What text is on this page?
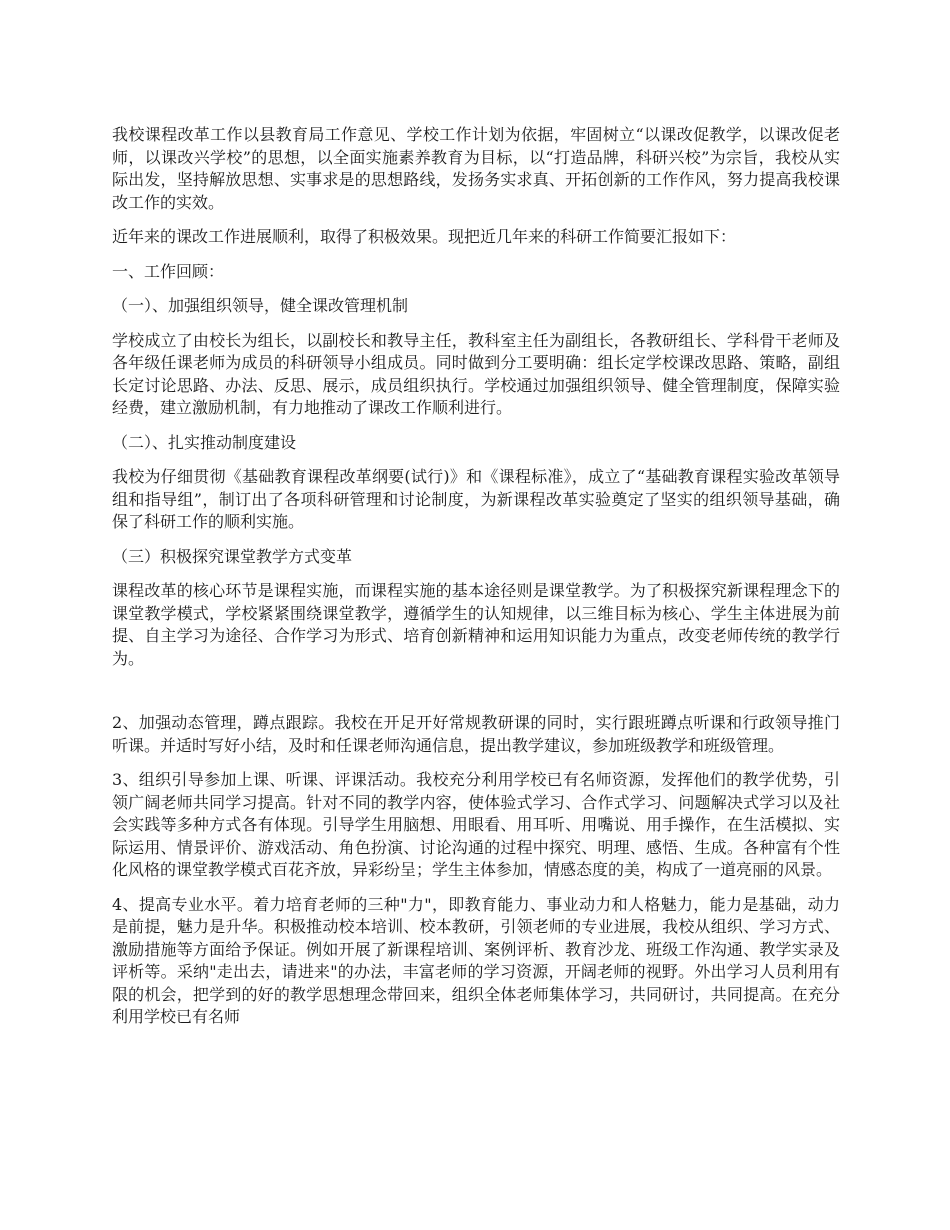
我校课程改革工作以县教育局工作意见、学校工作计划为依据，牢固树立“以课改促教学，以课改促老师，以课改兴学校”的思想，以全面实施素养教育为目标，以“打造品牌，科研兴校”为宗旨，我校从实际出发，坚持解放思想、实事求是的思想路线，发扬务实求真、开拓创新的工作作风，努力提高我校课改工作的实效。

近年来的课改工作进展顺利，取得了积极效果。现把近几年来的科研工作简要汇报如下：

一、工作回顾：

（一）、加强组织领导，健全课改管理机制

学校成立了由校长为组长，以副校长和教导主任，教科室主任为副组长，各教研组长、学科骨干老师及各年级任课老师为成员的科研领导小组成员。同时做到分工要明确：组长定学校课改思路、策略，副组长定讨论思路、办法、反思、展示，成员组织执行。学校通过加强组织领导、健全管理制度，保障实验经费，建立激励机制，有力地推动了课改工作顺利进行。

（二）、扎实推动制度建设

我校为仔细贯彻《基础教育课程改革纲要(试行)》和《课程标准》，成立了“基础教育课程实验改革领导组和指导组”，制订出了各项科研管理和讨论制度，为新课程改革实验奠定了坚实的组织领导基础，确保了科研工作的顺利实施。

（三）积极探究课堂教学方式变革

课程改革的核心环节是课程实施，而课程实施的基本途径则是课堂教学。为了积极探究新课程理念下的课堂教学模式，学校紧紧围绕课堂教学，遵循学生的认知规律，以三维目标为核心、学生主体进展为前提、自主学习为途径、合作学习为形式、培育创新精神和运用知识能力为重点，改变老师传统的教学行为。

2、加强动态管理，蹲点跟踪。我校在开足开好常规教研课的同时，实行跟班蹲点听课和行政领导推门听课。并适时写好小结，及时和任课老师沟通信息，提出教学建议，参加班级教学和班级管理。

3、组织引导参加上课、听课、评课活动。我校充分利用学校已有名师资源，发挥他们的教学优势，引领广阔老师共同学习提高。针对不同的教学内容，使体验式学习、合作式学习、问题解决式学习以及社会实践等多种方式各有体现。引导学生用脑想、用眼看、用耳听、用嘴说、用手操作，在生活模拟、实际运用、情景评价、游戏活动、角色扮演、讨论沟通的过程中探究、明理、感悟、生成。各种富有个性化风格的课堂教学模式百花齐放，异彩纷呈；学生主体参加，情感态度的美，构成了一道亮丽的风景。

4、提高专业水平。着力培育老师的三种"力"，即教育能力、事业动力和人格魅力，能力是基础，动力是前提，魅力是升华。积极推动校本培训、校本教研，引领老师的专业进展，我校从组织、学习方式、激励措施等方面给予保证。例如开展了新课程培训、案例评析、教育沙龙、班级工作沟通、教学实录及评析等。采纳"走出去，请进来"的办法，丰富老师的学习资源，开阔老师的视野。外出学习人员利用有限的机会，把学到的好的教学思想理念带回来，组织全体老师集体学习，共同研讨，共同提高。在充分利用学校已有名师
